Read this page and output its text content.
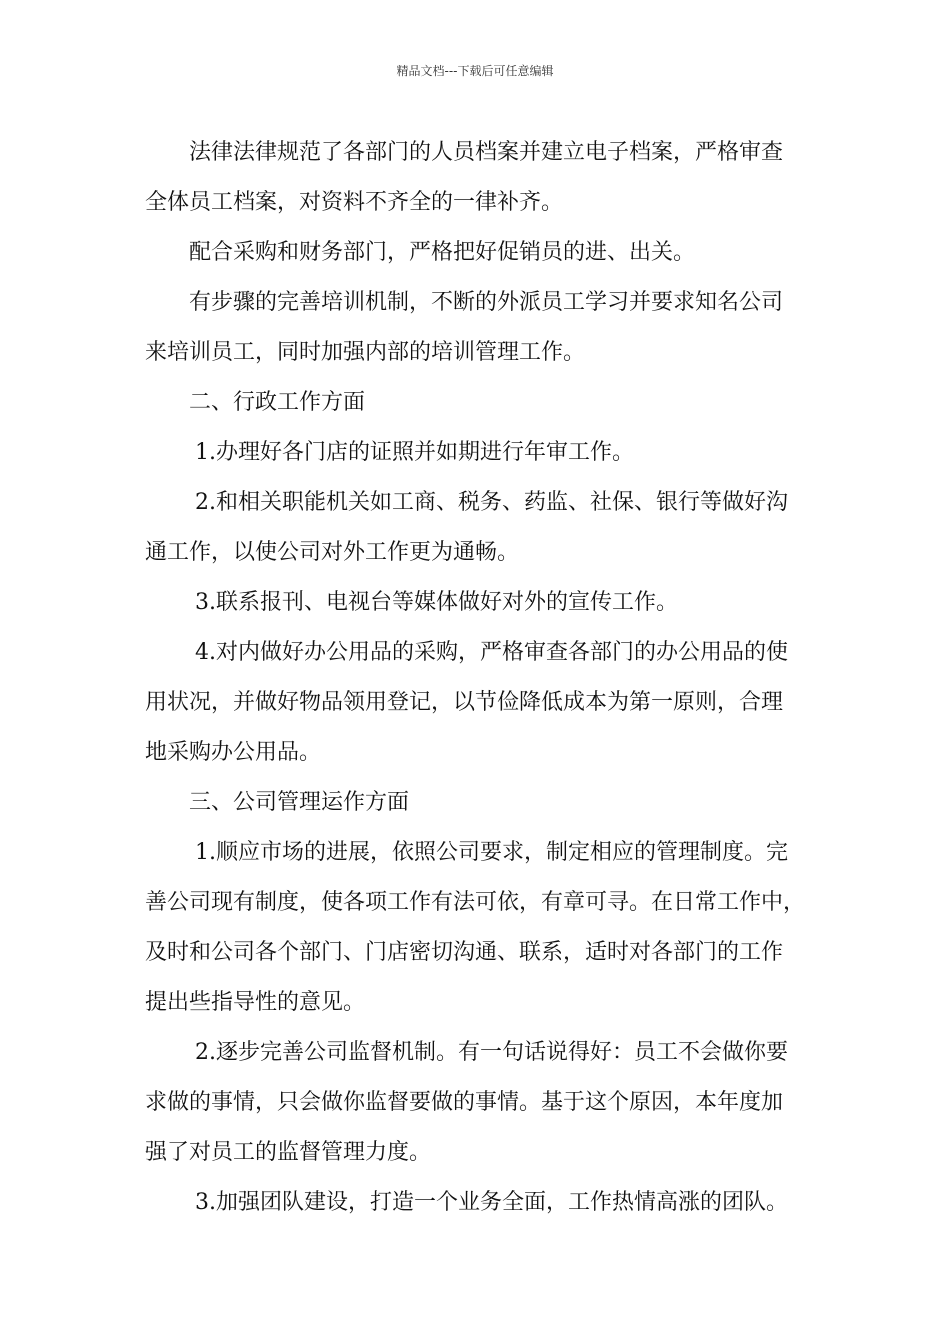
精品文档---下载后可任意编辑
法律法律规范了各部门的人员档案并建立电子档案，严格审查
全体员工档案，对资料不齐全的一律补齐。
配合采购和财务部门，严格把好促销员的进、出关。
有步骤的完善培训机制，不断的外派员工学习并要求知名公司
来培训员工，同时加强内部的培训管理工作。
二、行政工作方面
1.办理好各门店的证照并如期进行年审工作。
2.和相关职能机关如工商、税务、药监、社保、银行等做好沟
通工作，以使公司对外工作更为通畅。
3.联系报刊、电视台等媒体做好对外的宣传工作。
4.对内做好办公用品的采购，严格审查各部门的办公用品的使
用状况，并做好物品领用登记，以节俭降低成本为第一原则，合理
地采购办公用品。
三、公司管理运作方面
1.顺应市场的进展，依照公司要求，制定相应的管理制度。完
善公司现有制度，使各项工作有法可依，有章可寻。在日常工作中，
及时和公司各个部门、门店密切沟通、联系，适时对各部门的工作
提出些指导性的意见。
2.逐步完善公司监督机制。有一句话说得好：员工不会做你要
求做的事情，只会做你监督要做的事情。基于这个原因，本年度加
强了对员工的监督管理力度。
3.加强团队建设，打造一个业务全面，工作热情高涨的团队。
